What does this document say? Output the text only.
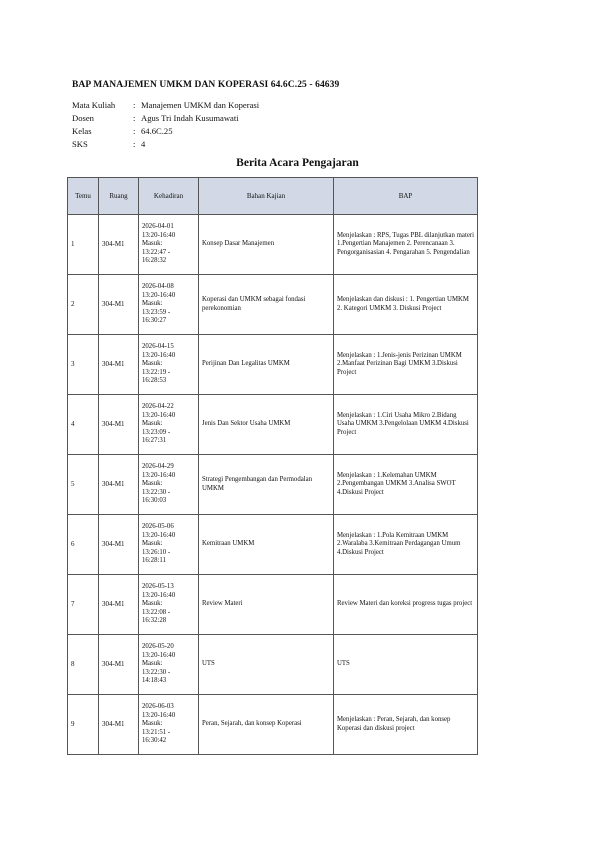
BAP MANAJEMEN UMKM DAN KOPERASI 64.6C.25 - 64639
Mata Kuliah	: Manajemen UMKM dan Koperasi
Dosen	: Agus Tri Indah Kusumawati
Kelas	: 64.6C.25
SKS	: 4
Berita Acara Pengajaran
Temu	Ruang	Kehadiran	Bahan Kajian	BAP
1	304-M1	2026-04-01
13:20-16:40
Masuk:
13:22:47 -
16:28:32	Konsep Dasar Manajemen	Menjelaskan : RPS, Tugas PBL dilanjutkan materi 1.Pengertian Manajemen 2. Perencanaan 3. Pengorganisasian 4. Pengarahan 5. Pengendalian
2	304-M1	2026-04-08
13:20-16:40
Masuk:
13:23:59 -
16:30:27	Koperasi dan UMKM sebagai fondasi perekonomian	Menjelaskan dan diskusi : 1. Pengertian UMKM 2. Kategori UMKM 3. Diskusi Project
3	304-M1	2026-04-15
13:20-16:40
Masuk:
13:22:19 -
16:28:53	Perijinan Dan Legalitas UMKM	Menjelaskan : 1.Jenis-jenis Perizinan UMKM 2.Manfaat Perizinan Bagi UMKM 3.Diskusi Project
4	304-M1	2026-04-22
13:20-16:40
Masuk:
13:23:09 -
16:27:31	Jenis Dan Sektor Usaha UMKM	Menjelaskan : 1.Ciri Usaha Mikro 2.Bidang Usaha UMKM 3.Pengelolaan UMKM 4.Diskusi Project
5	304-M1	2026-04-29
13:20-16:40
Masuk:
13:22:30 -
16:30:03	Strategi Pengembangan dan Permodalan UMKM	Menjelaskan : 1.Kelemahan UMKM 2.Pengembangan UMKM 3.Analisa SWOT 4.Diskusi Project
6	304-M1	2026-05-06
13:20-16:40
Masuk:
13:26:10 -
16:28:11	Kemitraan UMKM	Menjelaskan : 1.Pola Kemitraan UMKM 2.Waralaba 3.Kemitraan Perdagangan Umum 4.Diskusi Project
7	304-M1	2026-05-13
13:20-16:40
Masuk:
13:22:08 -
16:32:28	Review Materi	Review Materi dan koreksi progress tugas project
8	304-M1	2026-05-20
13:20-16:40
Masuk:
13:22:30 -
14:18:43	UTS	UTS
9	304-M1	2026-06-03
13:20-16:40
Masuk:
13:21:51 -
16:30:42	Peran, Sejarah, dan konsep Koperasi	Menjelaskan : Peran, Sejarah, dan konsep Koperasi dan diskusi project
